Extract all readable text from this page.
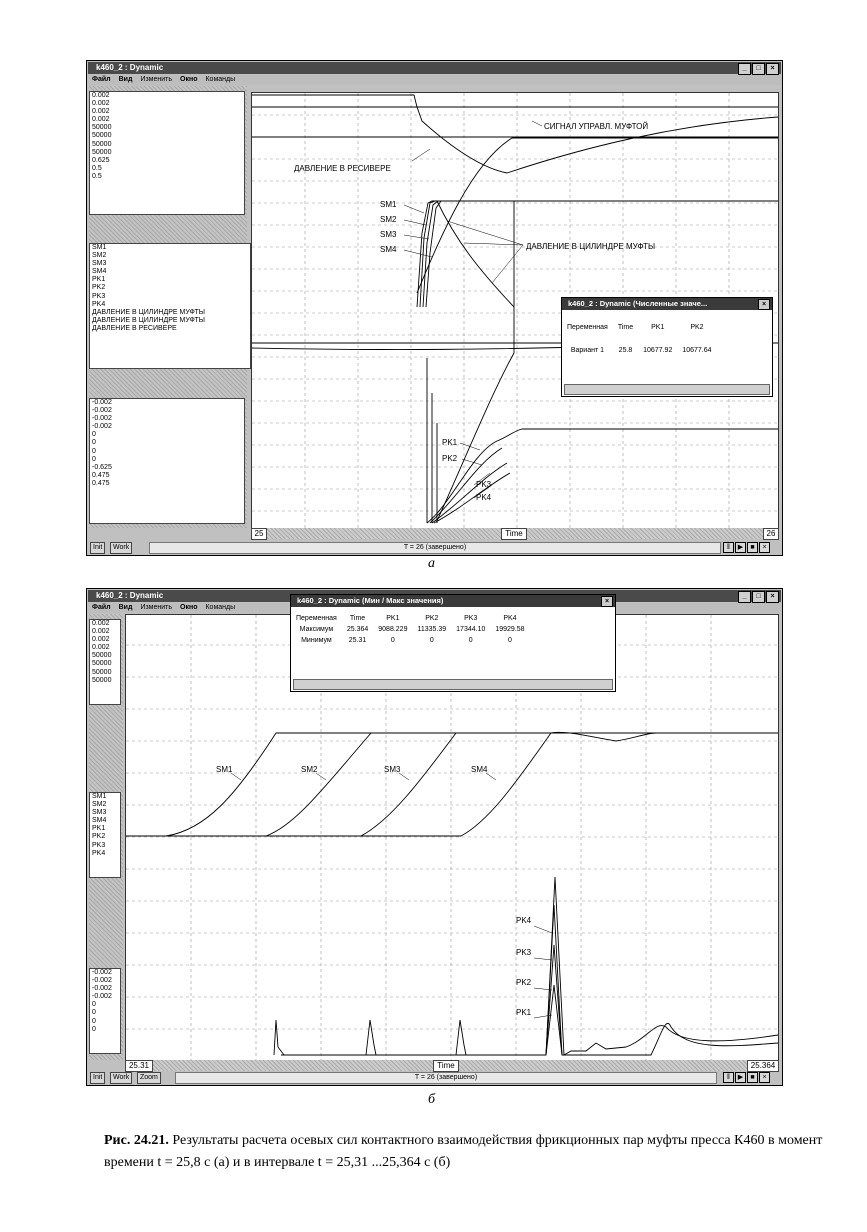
k460_2 : Dynamic	_	□	×
Файл Вид Изменить Окно Команды
0.002
0.002
0.002
0.002
50000
50000
50000
50000
0.625
0.5
0.5
SM1
SM2
SM3
SM4
PK1
PK2
PK3
PK4
ДАВЛЕНИЕ В ЦИЛИНДРЕ МУФТЫ
ДАВЛЕНИЕ В ЦИЛИНДРЕ МУФТЫ
ДАВЛЕНИЕ В РЕСИВЕРЕ
-0.002
-0.002
-0.002
-0.002
0
0
0
0
-0.625
0.475
0.475
СИГНАЛ УПРАВЛ. МУФТОЙ
ДАВЛЕНИЕ В РЕСИВЕРЕ
ДАВЛЕНИЕ В ЦИЛИНДРЕ МУФТЫ
SM1
SM2
SM3
SM4
PK1
PK2
PK3
PK4
k460_2 : Dynamic (Численные значе...	×
Переменная	Time	PK1	PK2

Вариант 1	25.8	10677.92	10677.64
25	Time	26
Init	Work	T = 26 (завершено)	‖	▶	■	×
а
k460_2 : Dynamic	_	□	×
Файл Вид Изменить Окно Команды
0.002
0.002
0.002
0.002
50000
50000
50000
50000
SM1
SM2
SM3
SM4
PK1
PK2
PK3
PK4
-0.002
-0.002
-0.002
-0.002
0
0
0
0
SM1	SM2	SM3	SM4
PK4
PK3
PK2
PK1
k460_2 : Dynamic (Мин / Макс значения)	×
Переменная	Time	PK1	PK2	PK3	PK4
Максимум	25.364	9088.229	11335.39	17344.10	19929.58
Минимум	25.31	0	0	0	0
25.31	Time	25.364
Init	Work	Zoom	T = 26 (завершено)	‖	▶	■	×
б
Рис. 24.21. Результаты расчета осевых сил контактного взаимодействия фрикционных пар муфты пресса К460 в момент времени t = 25,8 с (а) и в интервале t = 25,31 ...25,364 с (б)
